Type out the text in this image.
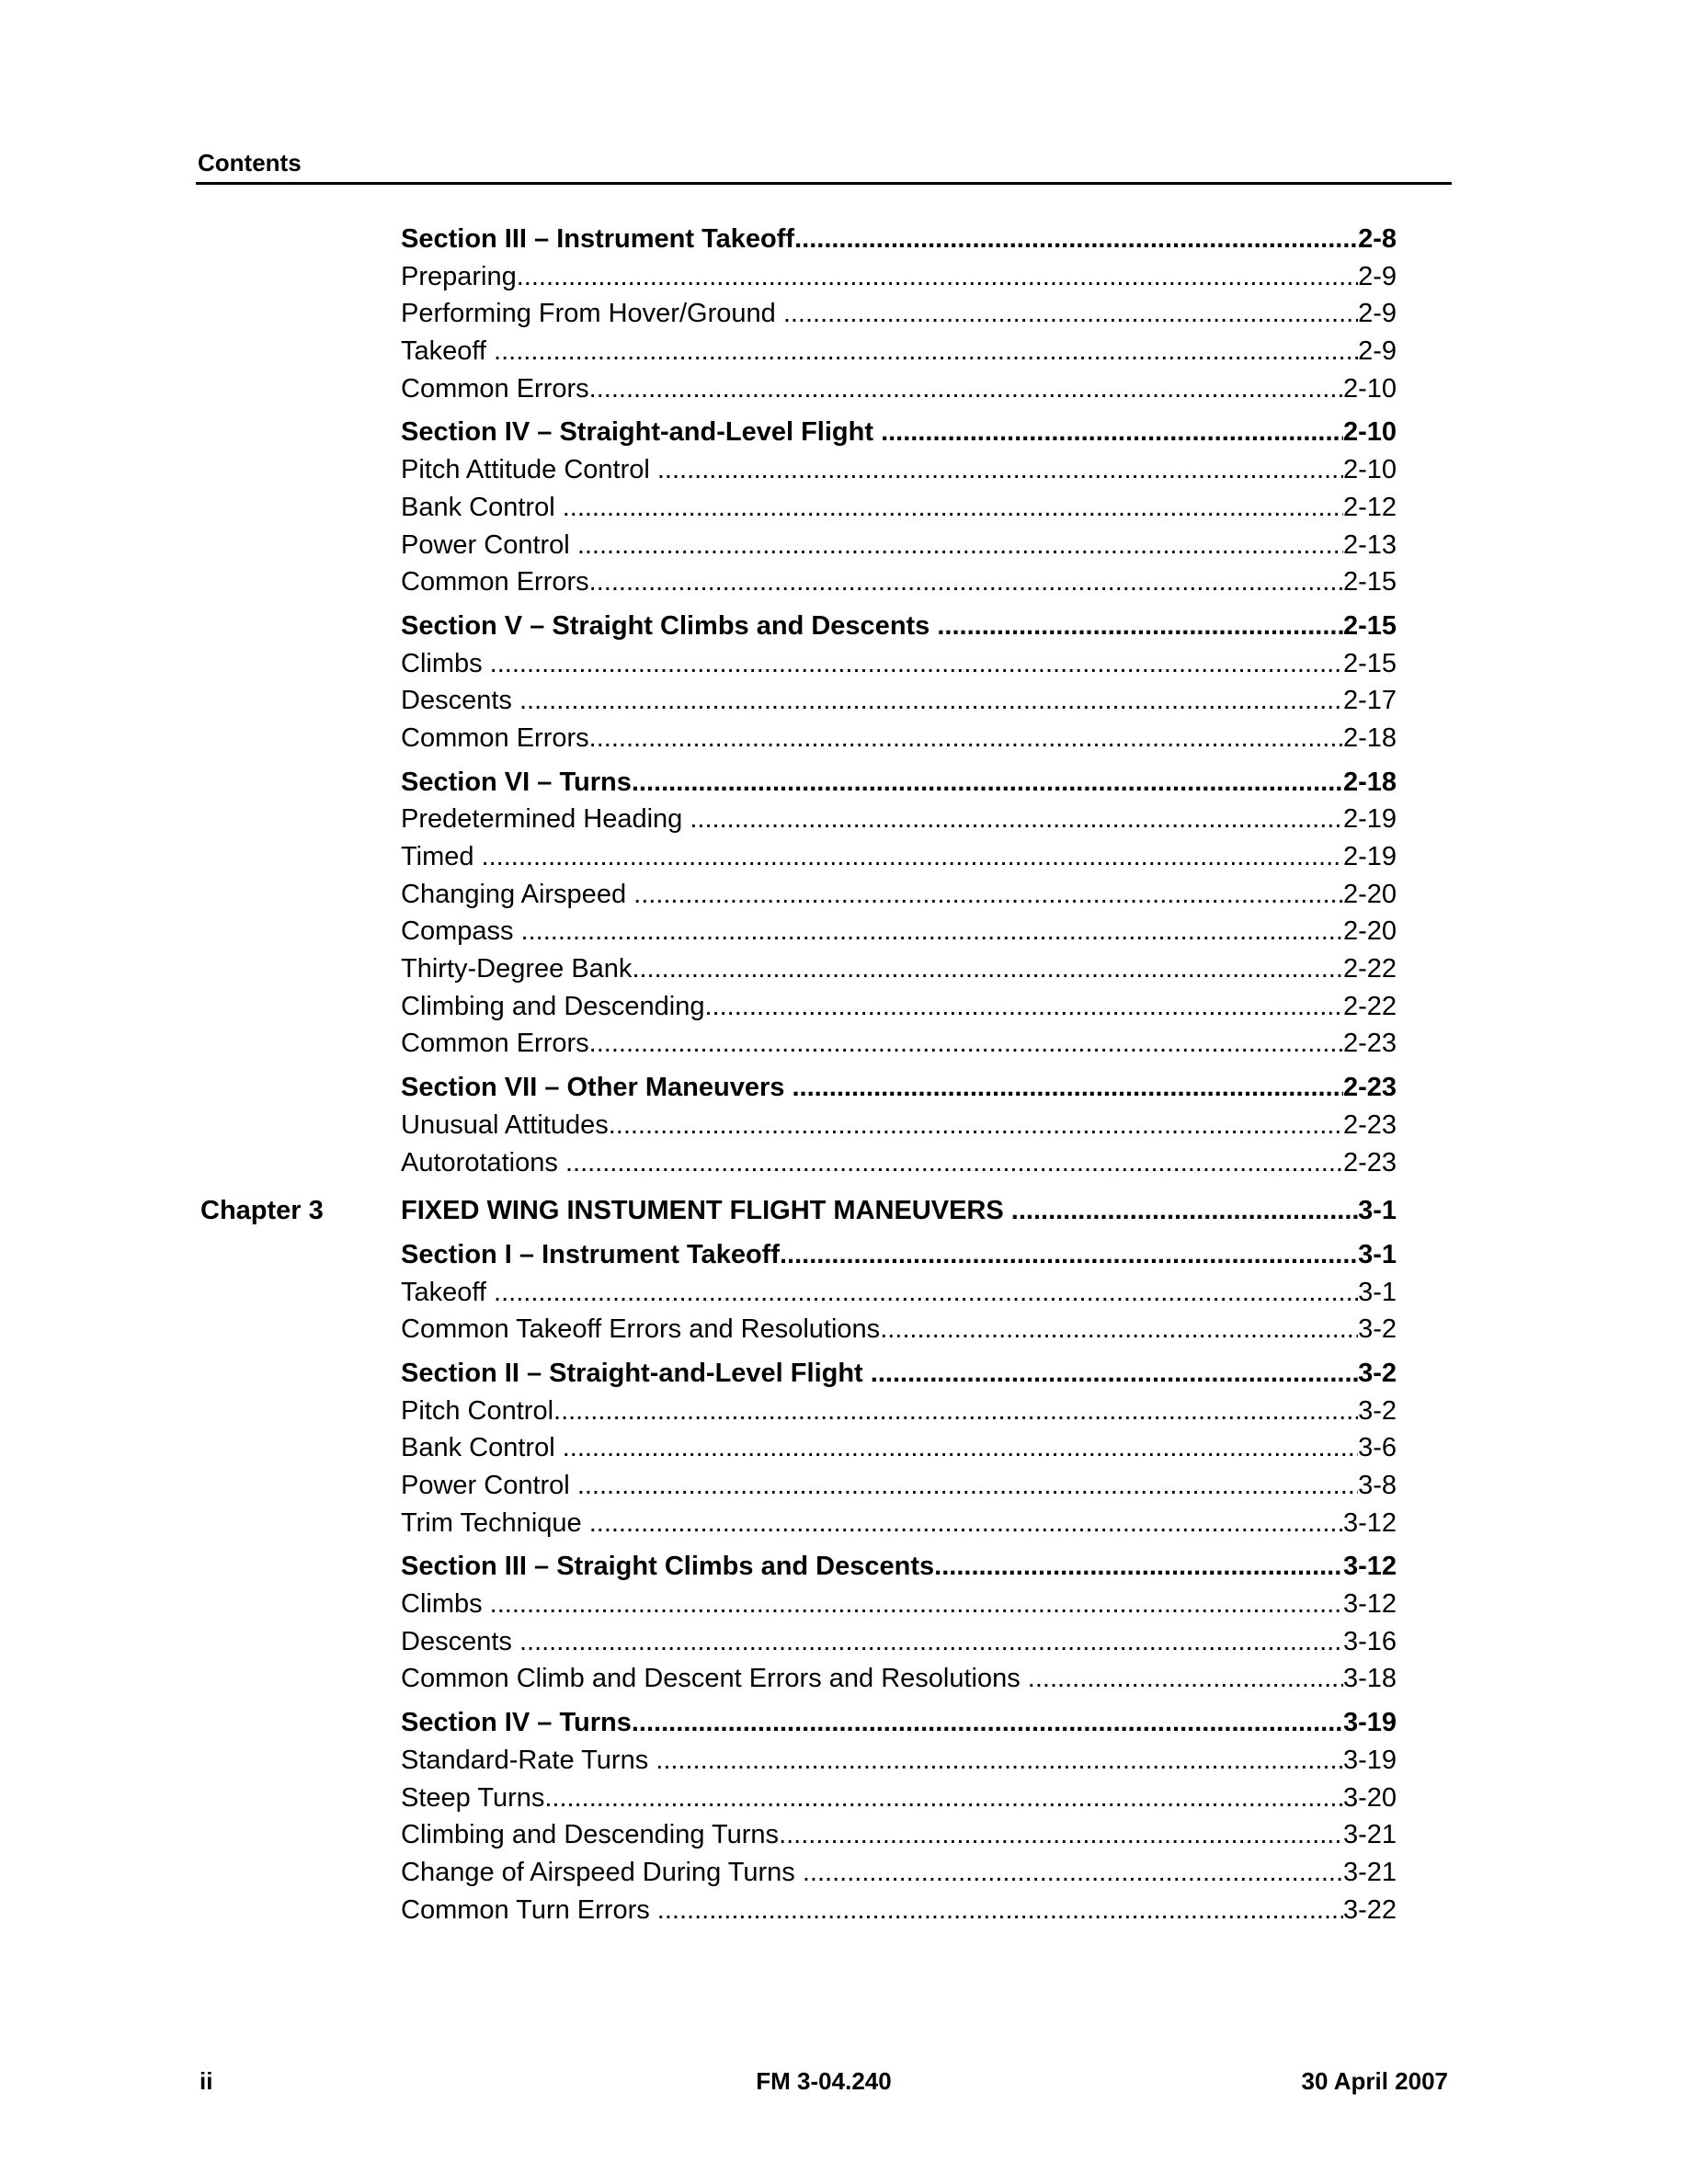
Contents
Section III – Instrument Takeoff .....	2-8
Preparing .....	2-9
Performing From Hover/Ground .....	2-9
Takeoff .....	2-9
Common Errors .....	2-10
Section IV – Straight-and-Level Flight .....	2-10
Pitch Attitude Control .....	2-10
Bank Control .....	2-12
Power Control .....	2-13
Common Errors .....	2-15
Section V – Straight Climbs and Descents .....	2-15
Climbs .....	2-15
Descents .....	2-17
Common Errors .....	2-18
Section VI – Turns .....	2-18
Predetermined Heading .....	2-19
Timed .....	2-19
Changing Airspeed .....	2-20
Compass .....	2-20
Thirty-Degree Bank .....	2-22
Climbing and Descending .....	2-22
Common Errors .....	2-23
Section VII – Other Maneuvers .....	2-23
Unusual Attitudes .....	2-23
Autorotations .....	2-23
Chapter 3	FIXED WING INSTUMENT FLIGHT MANEUVERS .....	3-1
Section I – Instrument Takeoff .....	3-1
Takeoff .....	3-1
Common Takeoff Errors and Resolutions .....	3-2
Section II – Straight-and-Level Flight .....	3-2
Pitch Control .....	3-2
Bank Control .....	3-6
Power Control .....	3-8
Trim Technique .....	3-12
Section III – Straight Climbs and Descents .....	3-12
Climbs .....	3-12
Descents .....	3-16
Common Climb and Descent Errors and Resolutions .....	3-18
Section IV – Turns .....	3-19
Standard-Rate Turns .....	3-19
Steep Turns .....	3-20
Climbing and Descending Turns .....	3-21
Change of Airspeed During Turns .....	3-21
Common Turn Errors .....	3-22
ii	FM 3-04.240	30 April 2007
